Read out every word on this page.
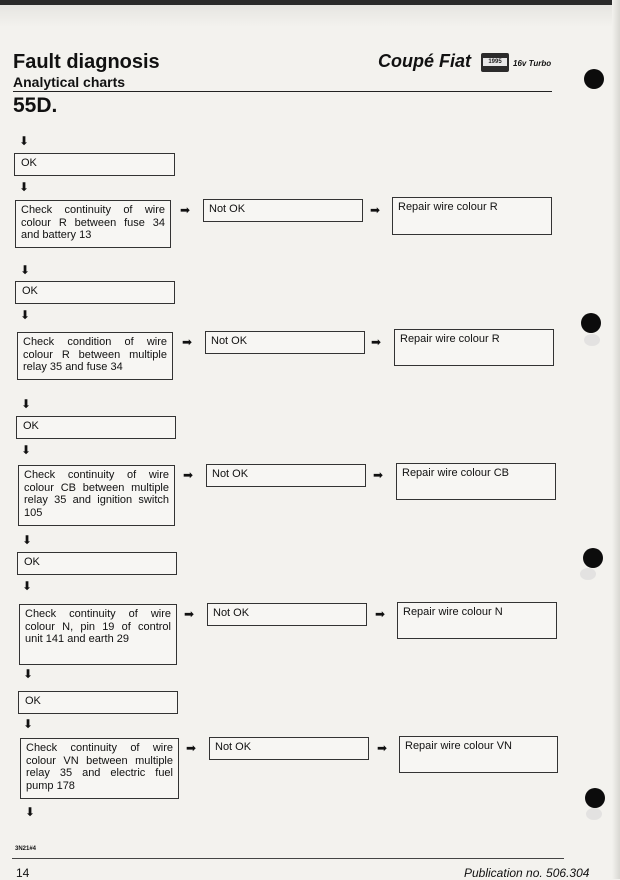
Fault diagnosis
Analytical charts
55D.
Coupé Fiat	1995	16v Turbo
⬇
OK
⬇
Check continuity of wire colour R between fuse 34 and battery 13
➡	Not OK	➡	Repair wire colour R
⬇
OK
⬇
Check condition of wire colour R between multiple relay 35 and fuse 34
➡	Not OK	➡	Repair wire colour R
⬇
OK
⬇
Check continuity of wire colour CB between multiple relay 35 and ignition switch 105
➡	Not OK	➡	Repair wire colour CB
⬇
OK
⬇
Check continuity of wire colour N, pin 19 of control unit 141 and earth 29
➡	Not OK	➡	Repair wire colour N
⬇
OK
⬇
Check continuity of wire colour VN between multiple relay 35 and electric fuel pump 178
➡	Not OK	➡	Repair wire colour VN
⬇
3N21#4
14	Publication no. 506.304
